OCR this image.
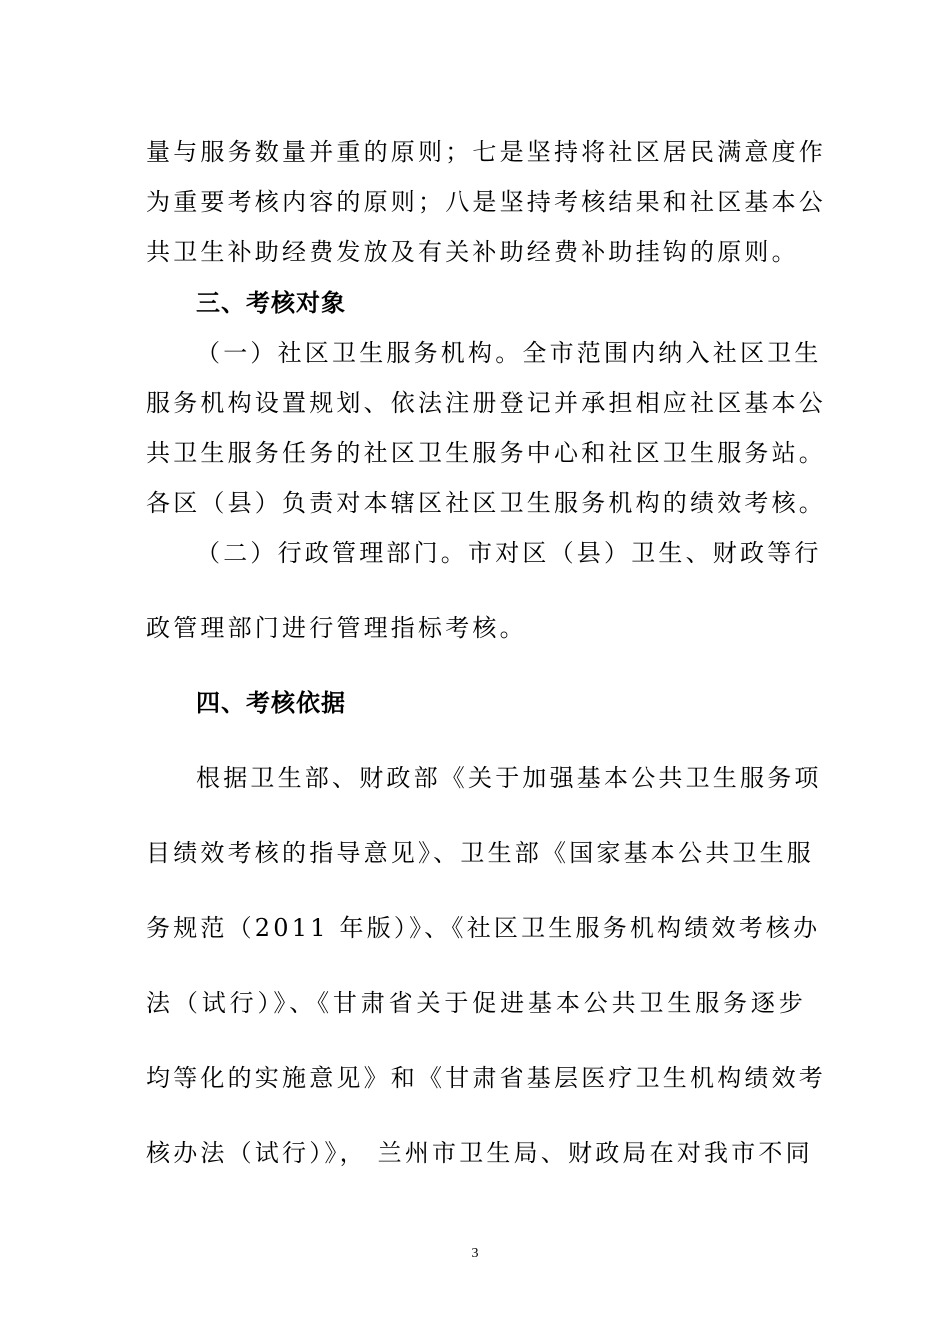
量与服务数量并重的原则；七是坚持将社区居民满意度作
为重要考核内容的原则；八是坚持考核结果和社区基本公
共卫生补助经费发放及有关补助经费补助挂钩的原则。
三、考核对象
（一）社区卫生服务机构。全市范围内纳入社区卫生
服务机构设置规划、依法注册登记并承担相应社区基本公
共卫生服务任务的社区卫生服务中心和社区卫生服务站。
各区（县）负责对本辖区社区卫生服务机构的绩效考核。
（二）行政管理部门。市对区（县）卫生、财政等行
政管理部门进行管理指标考核。
四、考核依据
根据卫生部、财政部《关于加强基本公共卫生服务项
目绩效考核的指导意见》、卫生部《国家基本公共卫生服
务规范（2011 年版）》、《社区卫生服务机构绩效考核办
法（试行）》、《甘肃省关于促进基本公共卫生服务逐步
均等化的实施意见》和《甘肃省基层医疗卫生机构绩效考
核办法（试行）》， 兰州市卫生局、财政局在对我市不同
3
